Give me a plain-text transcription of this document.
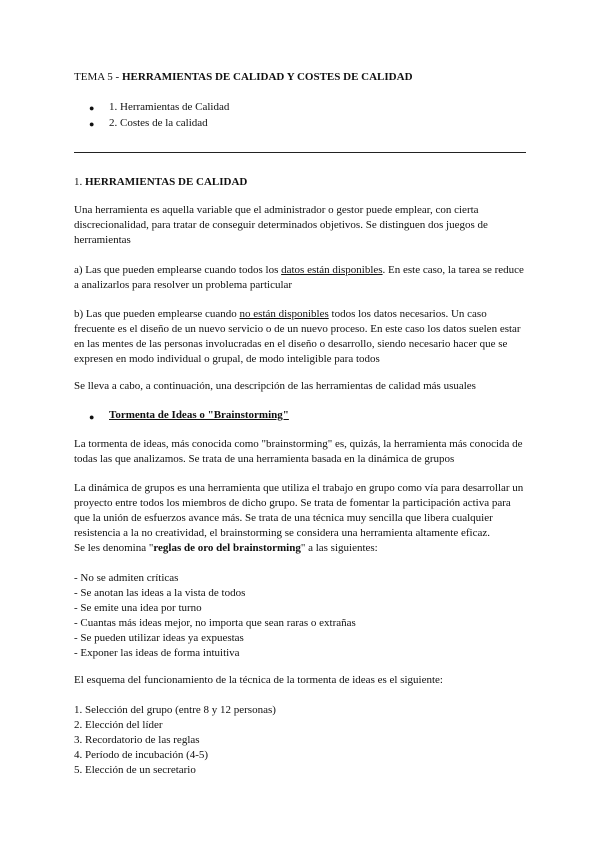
TEMA 5 - HERRAMIENTAS DE CALIDAD Y COSTES DE CALIDAD
● 1. Herramientas de Calidad
● 2. Costes de la calidad
1. HERRAMIENTAS DE CALIDAD
Una herramienta es aquella variable que el administrador o gestor puede emplear, con cierta discrecionalidad, para tratar de conseguir determinados objetivos. Se distinguen dos juegos de herramientas
a) Las que pueden emplearse cuando todos los datos están disponibles. En este caso, la tarea se reduce a analizarlos para resolver un problema particular
b) Las que pueden emplearse cuando no están disponibles todos los datos necesarios. Un caso frecuente es el diseño de un nuevo servicio o de un nuevo proceso. En este caso los datos suelen estar en las mentes de las personas involucradas en el diseño o desarrollo, siendo necesario hacer que se expresen en modo individual o grupal, de modo inteligible para todos
Se lleva a cabo, a continuación, una descripción de las herramientas de calidad más usuales
● Tormenta de Ideas o "Brainstorming"
La tormenta de ideas, más conocida como "brainstorming" es, quizás, la herramienta más conocida de todas las que analizamos. Se trata de una herramienta basada en la dinámica de grupos
La dinámica de grupos es una herramienta que utiliza el trabajo en grupo como vía para desarrollar un proyecto entre todos los miembros de dicho grupo. Se trata de fomentar la participación activa para que la unión de esfuerzos avance más. Se trata de una técnica muy sencilla que libera cualquier resistencia a la no creatividad, el brainstorming se considera una herramienta altamente eficaz.
Se les denomina "reglas de oro del brainstorming" a las siguientes:
- No se admiten críticas
- Se anotan las ideas a la vista de todos
- Se emite una idea por turno
- Cuantas más ideas mejor, no importa que sean raras o extrañas
- Se pueden utilizar ideas ya expuestas
- Exponer las ideas de forma intuitiva
El esquema del funcionamiento de la técnica de la tormenta de ideas es el siguiente:
1. Selección del grupo (entre 8 y 12 personas)
2. Elección del líder
3. Recordatorio de las reglas
4. Período de incubación (4-5)
5. Elección de un secretario
